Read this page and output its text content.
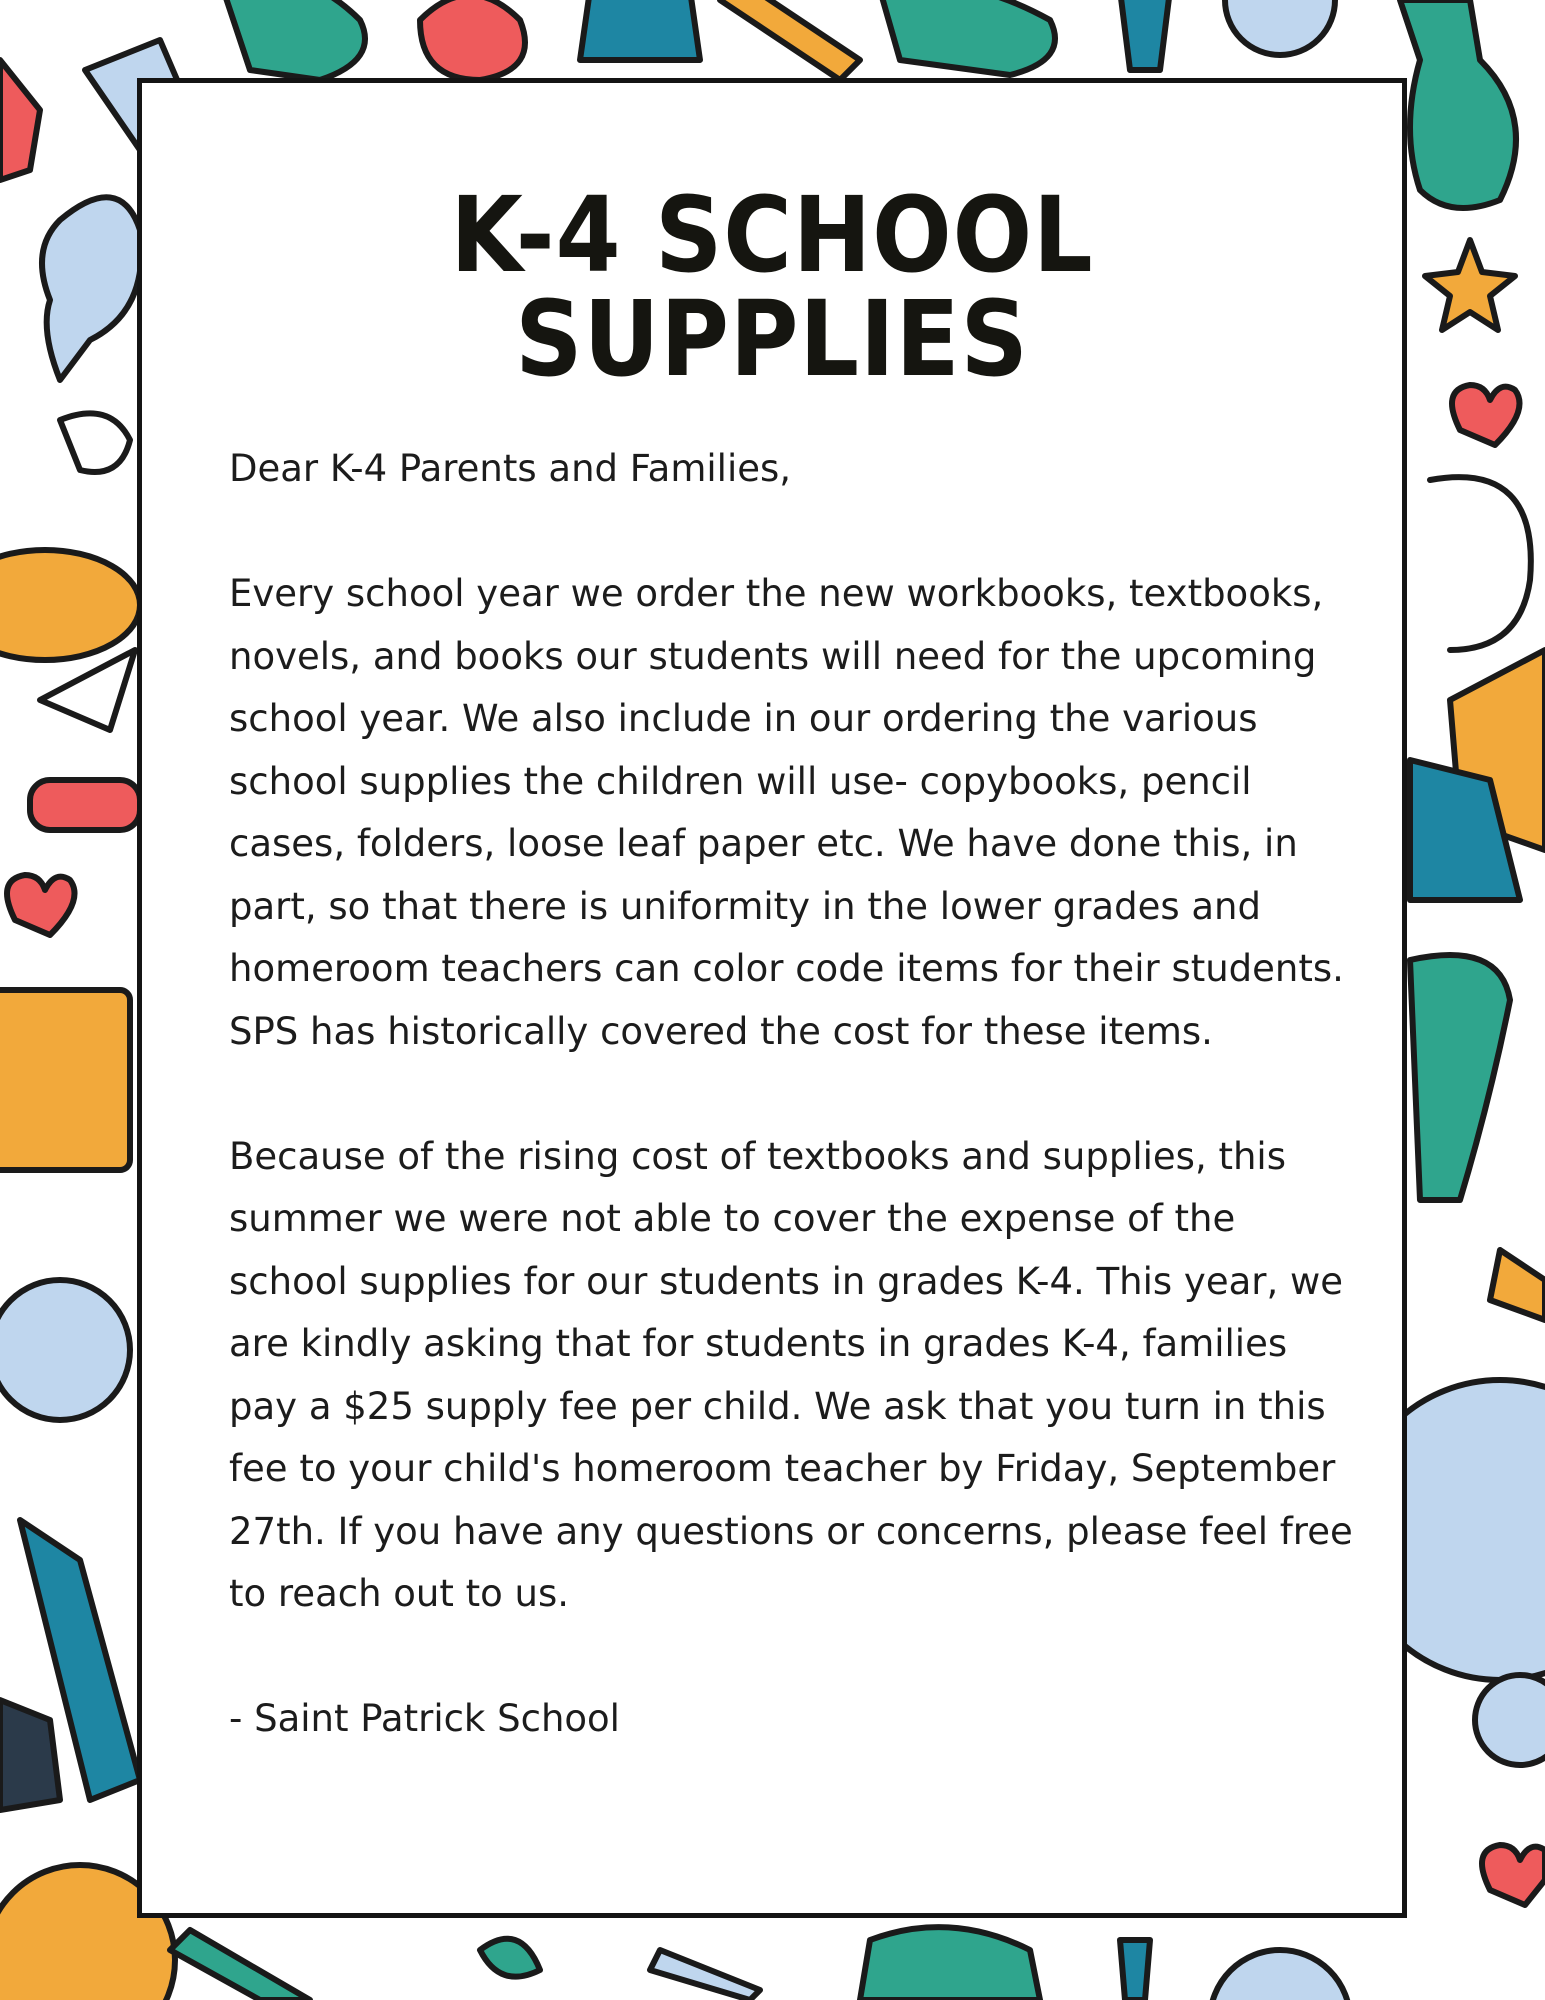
K-4 SCHOOL SUPPLIES

Dear K-4 Parents and Families,

Every school year we order the new workbooks, textbooks, novels, and books our students will need for the upcoming school year. We also include in our ordering the various school supplies the children will use- copybooks, pencil cases, folders, loose leaf paper etc. We have done this, in part, so that there is uniformity in the lower grades and homeroom teachers can color code items for their students. SPS has historically covered the cost for these items.

Because of the rising cost of textbooks and supplies, this summer we were not able to cover the expense of the school supplies for our students in grades K-4. This year, we are kindly asking that for students in grades K-4, families pay a $25 supply fee per child. We ask that you turn in this fee to your child's homeroom teacher by Friday, September 27th. If you have any questions or concerns, please feel free to reach out to us.

- Saint Patrick School
